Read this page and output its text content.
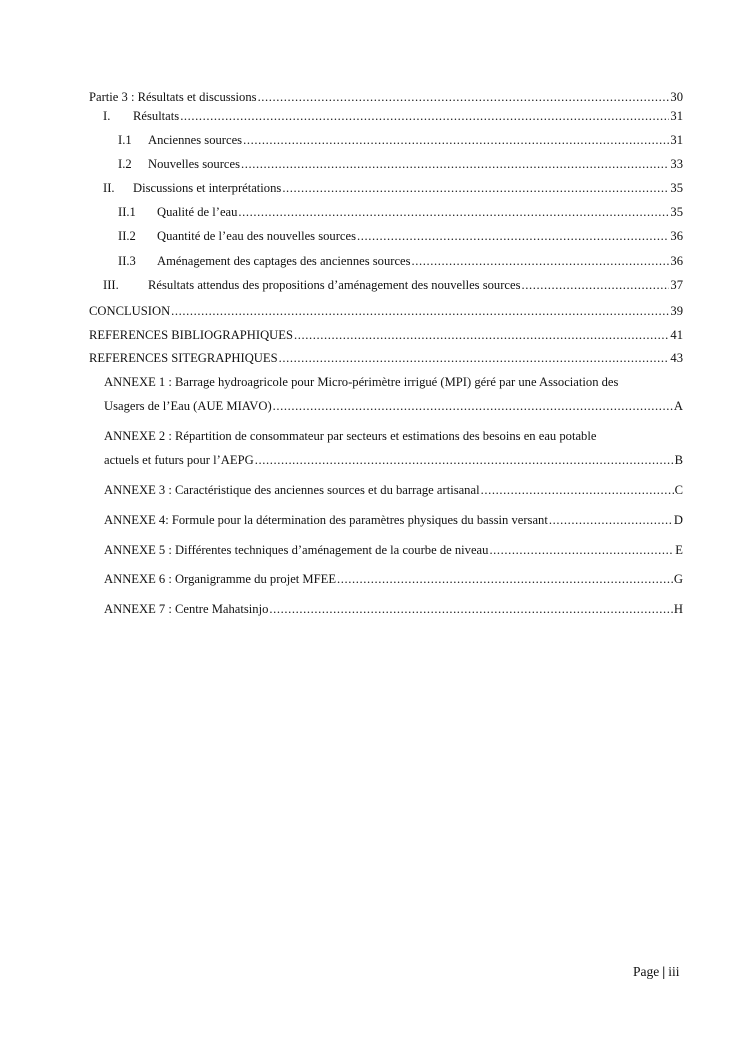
Partie 3 : Résultats et discussions .....	30
I.	Résultats .....	31
I.1	Anciennes sources .....	31
I.2	Nouvelles sources .....	33
II.	Discussions et interprétations .....	35
II.1	Qualité de l’eau .....	35
II.2	Quantité de l’eau des nouvelles sources .....	36
II.3	Aménagement des captages des anciennes sources .....	36
III.	Résultats attendus des propositions d’aménagement des nouvelles sources .....	37
CONCLUSION .....	39
REFERENCES BIBLIOGRAPHIQUES .....	41
REFERENCES SITEGRAPHIQUES .....	43
ANNEXE 1 : Barrage hydroagricole pour Micro-périmètre irrigué (MPI) géré par une Association des
Usagers de l’Eau (AUE MIAVO) .....	A
ANNEXE 2 : Répartition de consommateur par secteurs et estimations des besoins en eau potable
actuels et futurs pour l’AEPG .....	B
ANNEXE 3 : Caractéristique des anciennes sources et du barrage artisanal .....	C
ANNEXE 4: Formule pour la détermination des paramètres physiques du bassin versant .....	D
ANNEXE 5 : Différentes techniques d’aménagement de la courbe de niveau .....	E
ANNEXE 6 : Organigramme du projet MFEE .....	G
ANNEXE 7 : Centre Mahatsinjo .....	H
Page | iii
